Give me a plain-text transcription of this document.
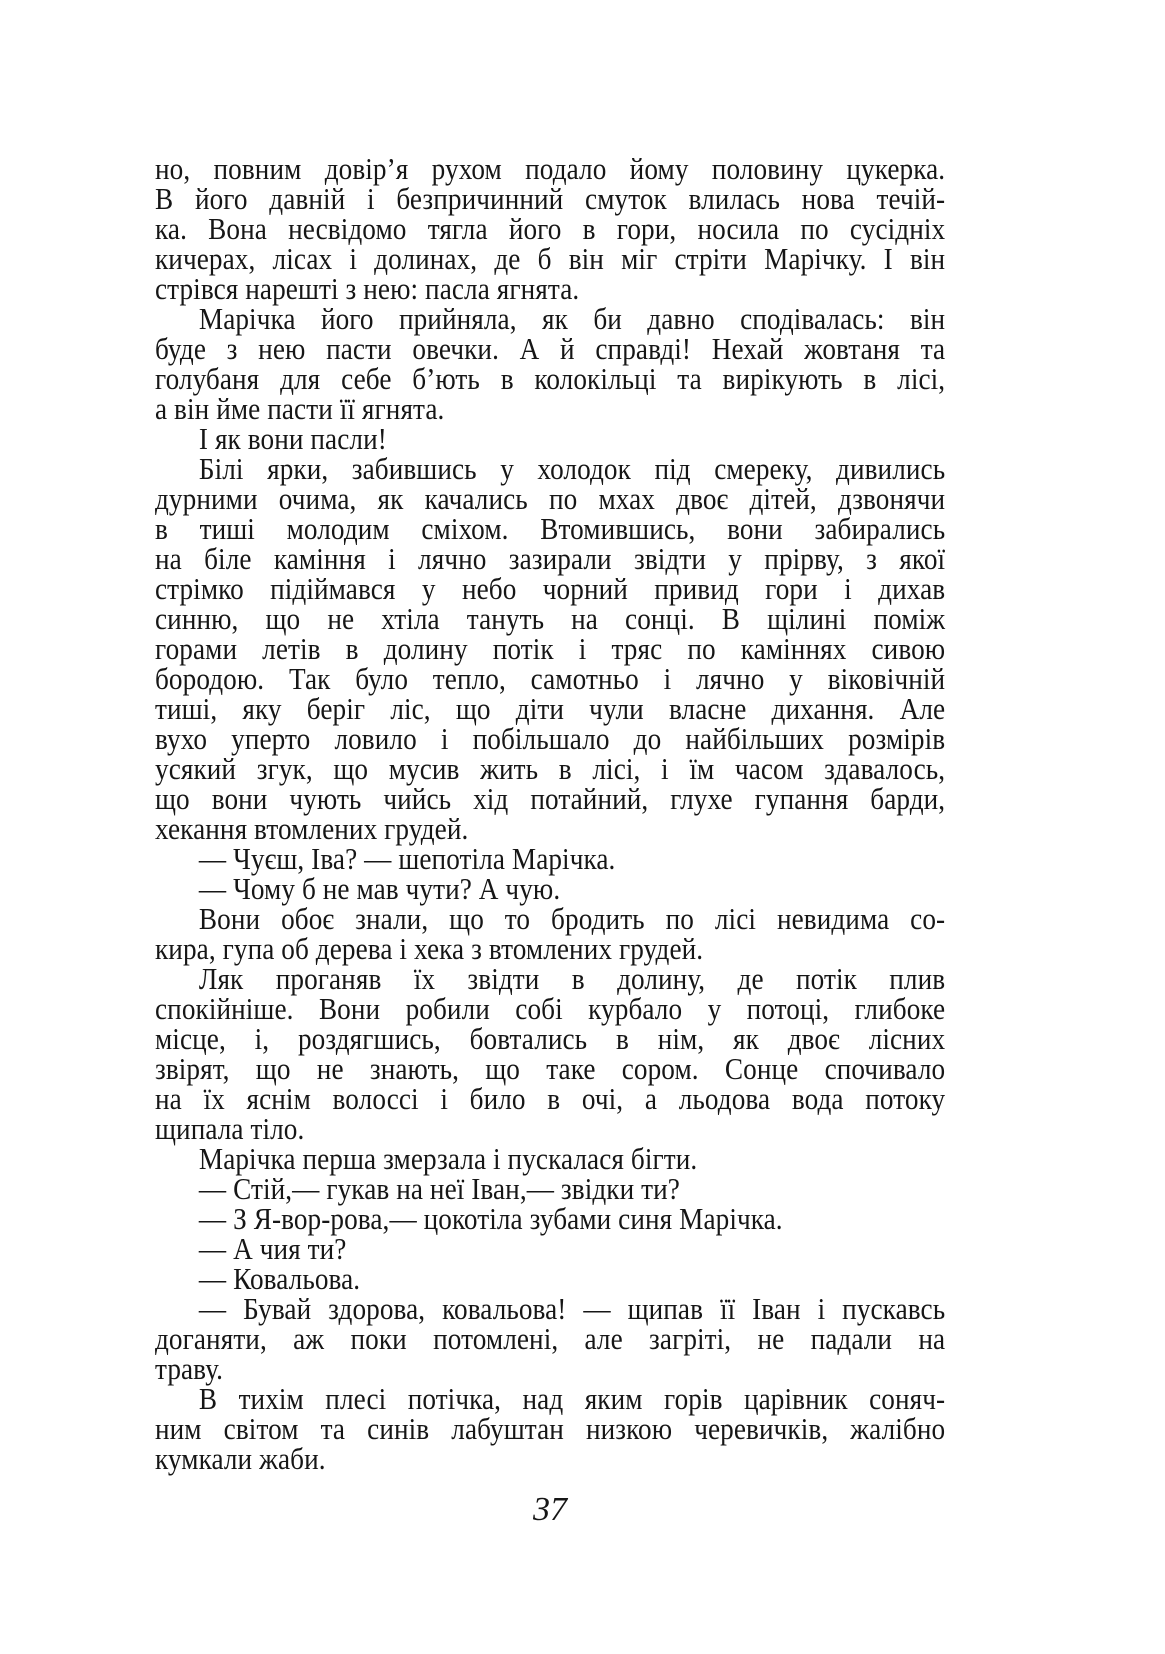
но, повним довір’я рухом подало йому половину цукерка.
В його давній і безпричинний смуток влилась нова течій-
ка. Вона несвідомо тягла його в гори, носила по сусідніх
кичерах, лісах і долинах, де б він міг стріти Марічку. І він
стрівся нарешті з нею: пасла ягнята.
Марічка його прийняла, як би давно сподівалась: він
буде з нею пасти овечки. А й справді! Нехай жовтаня та
голубаня для себе б’ють в колокільці та вирікують в лісі,
а він йме пасти її ягнята.
І як вони пасли!
Білі ярки, забившись у холодок під смереку, дивились
дурними очима, як качались по мхах двоє дітей, дзвонячи
в тиші молодим сміхом. Втомившись, вони забирались
на біле каміння і лячно зазирали звідти у прірву, з якої
стрімко підіймався у небо чорний привид гори і дихав
синню, що не хтіла тануть на сонці. В щілині поміж
горами летів в долину потік і тряс по каміннях сивою
бородою. Так було тепло, самотньо і лячно у віковічній
тиші, яку беріг ліс, що діти чули власне дихання. Але
вухо уперто ловило і побільшало до найбільших розмірів
усякий згук, що мусив жить в лісі, і їм часом здавалось,
що вони чують чийсь хід потайний, глухе гупання барди,
хекання втомлених грудей.
— Чуєш, Іва? — шепотіла Марічка.
— Чому б не мав чути? А чую.
Вони обоє знали, що то бродить по лісі невидима со-
кира, гупа об дерева і хека з втомлених грудей.
Ляк проганяв їх звідти в долину, де потік плив
спокійніше. Вони робили собі курбало у потоці, глибоке
місце, і, роздягшись, бовтались в нім, як двоє лісних
звірят, що не знають, що таке сором. Сонце спочивало
на їх яснім волоссі і било в очі, а льодова вода потоку
щипала тіло.
Марічка перша змерзала і пускалася бігти.
— Стій,— гукав на неї Іван,— звідки ти?
— З Я-вор-рова,— цокотіла зубами синя Марічка.
— А чия ти?
— Ковальова.
— Бувай здорова, ковальова! — щипав її Іван і пускавсь
доганяти, аж поки потомлені, але загріті, не падали на
траву.
В тихім плесі потічка, над яким горів царівник соняч-
ним світом та синів лабуштан низкою черевичків, жалібно
кумкали жаби.
37
